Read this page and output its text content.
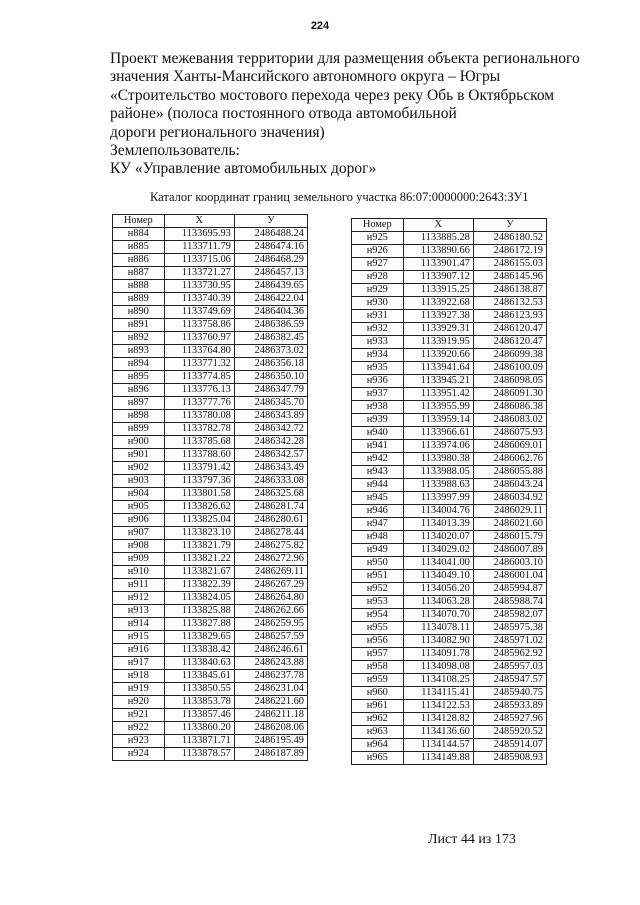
224
Проект межевания территории для размещения объекта регионального
значения Ханты-Мансийского автономного округа – Югры
«Строительство мостового перехода через реку Обь в Октябрьском
районе» (полоса постоянного отвода автомобильной
дороги регионального значения)
Землепользователь:
КУ «Управление автомобильных дорог»
Каталог координат границ земельного участка 86:07:0000000:2643:ЗУ1
Номер	X	У
н884	1133695.93	2486488.24
н885	1133711.79	2486474.16
н886	1133715.06	2486468.29
н887	1133721.27	2486457.13
н888	1133730.95	2486439.65
н889	1133740.39	2486422.04
н890	1133749.69	2486404.36
н891	1133758.86	2486386.59
н892	1133760.97	2486382.45
н893	1133764.80	2486373.02
н894	1133771.32	2486356.18
н895	1133774.85	2486350.10
н896	1133776.13	2486347.79
н897	1133777.76	2486345.70
н898	1133780.08	2486343.89
н899	1133782.78	2486342.72
н900	1133785.68	2486342.28
н901	1133788.60	2486342.57
н902	1133791.42	2486343.49
н903	1133797.36	2486333.08
н904	1133801.58	2486325.68
н905	1133826.62	2486281.74
н906	1133825.04	2486280.61
н907	1133823.10	2486278.44
н908	1133821.79	2486275.82
н909	1133821.22	2486272.96
н910	1133821.67	2486269.11
н911	1133822.39	2486267.29
н912	1133824.05	2486264.80
н913	1133825.88	2486262.66
н914	1133827.88	2486259.95
н915	1133829.65	2486257.59
н916	1133838.42	2486246.61
н917	1133840.63	2486243.88
н918	1133845.61	2486237.78
н919	1133850.55	2486231.04
н920	1133853.78	2486221.60
н921	1133857.46	2486211.18
н922	1133860.20	2486208.06
н923	1133871.71	2486195.49
н924	1133878.57	2486187.89
Номер	X	У
н925	1133885.28	2486180.52
н926	1133890.66	2486172.19
н927	1133901.47	2486155.03
н928	1133907.12	2486145.96
н929	1133915.25	2486138.87
н930	1133922.68	2486132.53
н931	1133927.38	2486123.93
н932	1133929.31	2486120.47
н933	1133919.95	2486120.47
н934	1133920.66	2486099.38
н935	1133941.64	2486100.09
н936	1133945.21	2486098.05
н937	1133951.42	2486091.30
н938	1133955.99	2486086.38
н939	1133959.14	2486083.02
н940	1133966.61	2486075.93
н941	1133974.06	2486069.01
н942	1133980.38	2486062.76
н943	1133988.05	2486055.88
н944	1133988.63	2486043.24
н945	1133997.99	2486034.92
н946	1134004.76	2486029.11
н947	1134013.39	2486021.60
н948	1134020.07	2486015.79
н949	1134029.02	2486007.89
н950	1134041.00	2486003.10
н951	1134049.10	2486001.04
н952	1134056.20	2485994.87
н953	1134063.28	2485988.74
н954	1134070.70	2485982.07
н955	1134078.11	2485975.38
н956	1134082.90	2485971.02
н957	1134091.78	2485962.92
н958	1134098.08	2485957.03
н959	1134108.25	2485947.57
н960	1134115.41	2485940.75
н961	1134122.53	2485933.89
н962	1134128.82	2485927.96
н963	1134136.60	2485920.52
н964	1134144.57	2485914.07
н965	1134149.88	2485908.93
Лист 44 из 173
